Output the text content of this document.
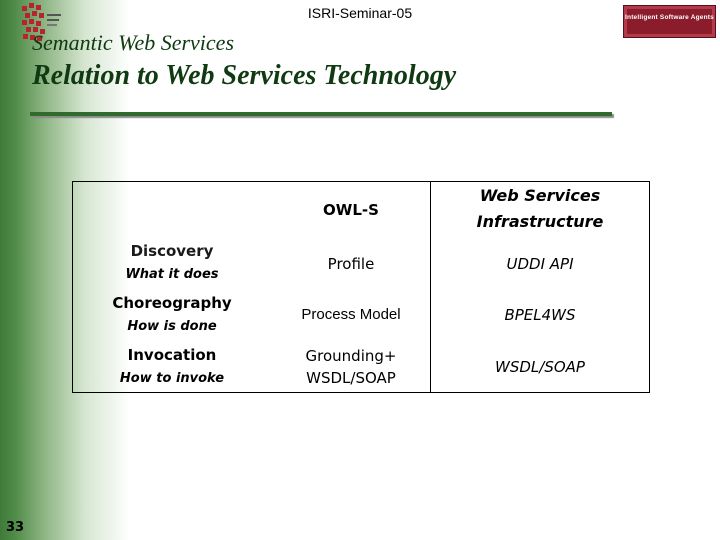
Intelligent Software Agents
ISRI-Seminar-05
Semantic Web Services
Relation to Web Services Technology
OWL-S
Web Services
Infrastructure
Discovery
What it does
Profile	UDDI API
Choreography
How is done
Process Model	BPEL4WS
Invocation
How to invoke
Grounding+
WSDL/SOAP
WSDL/SOAP
33
